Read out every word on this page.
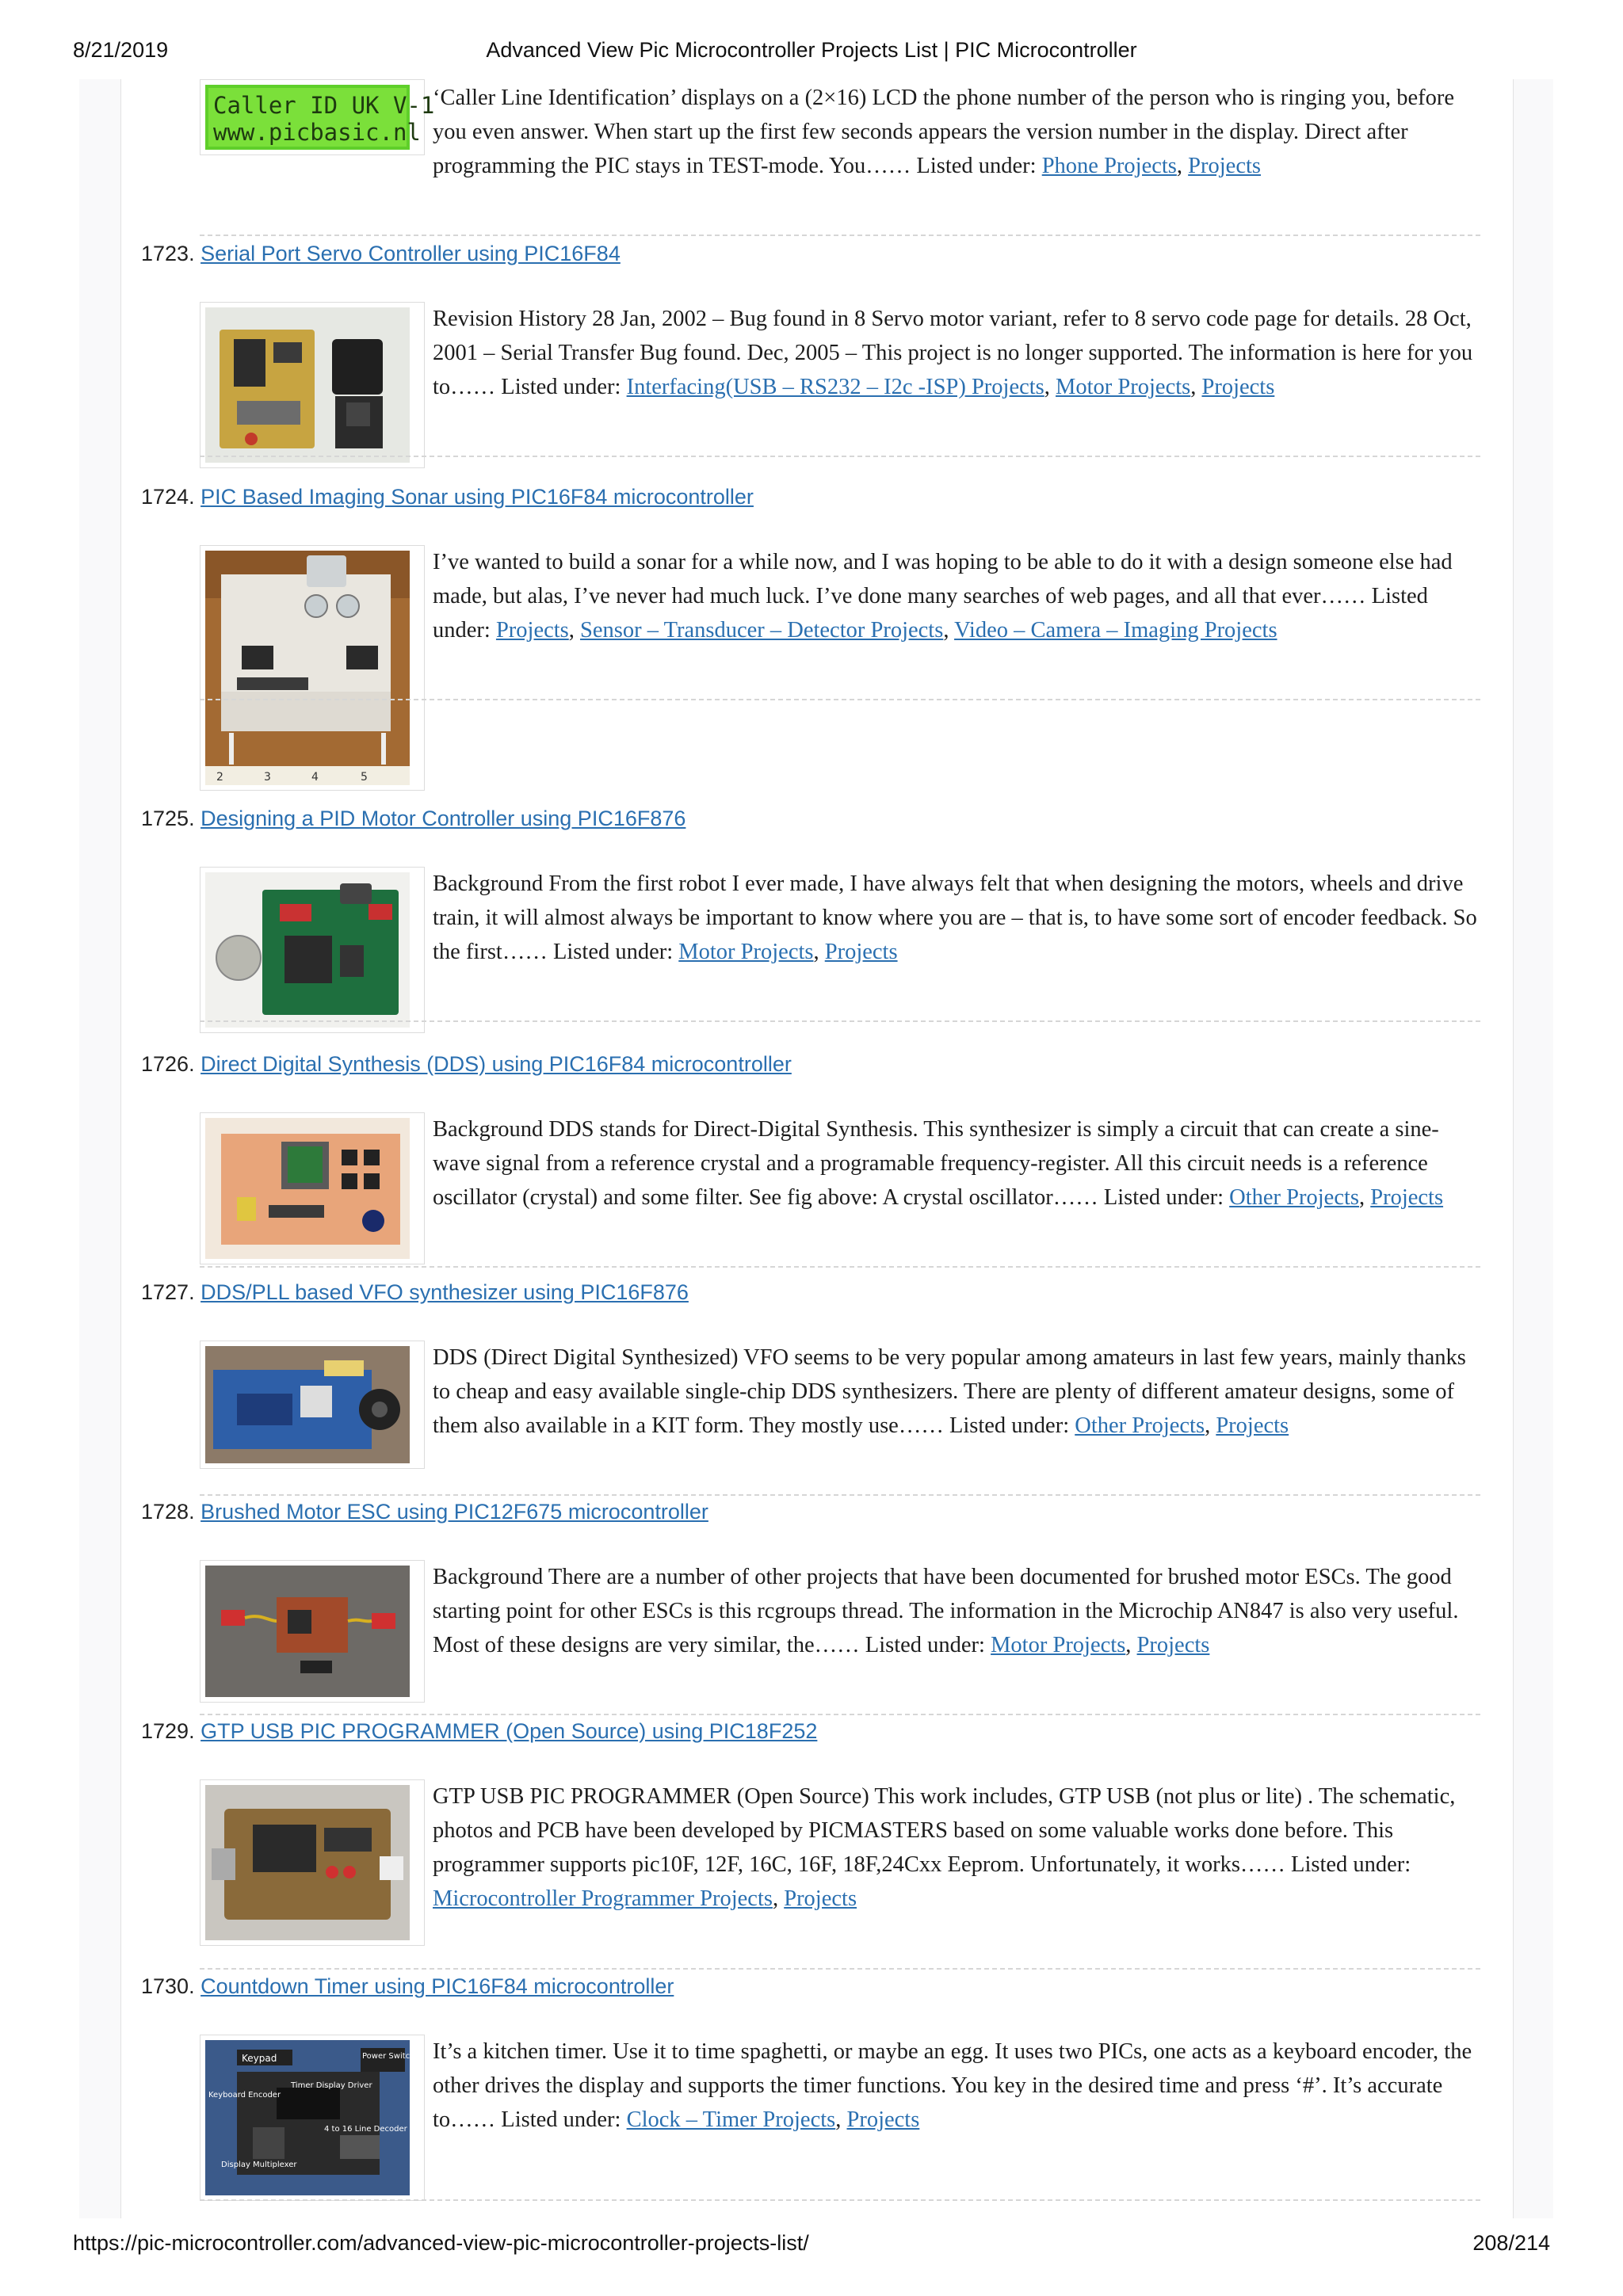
8/21/2019	Advanced View Pic Microcontroller Projects List | PIC Microcontroller
Caller ID UK V-1
www.picbasic.nl
‘Caller Line Identification’ displays on a (2×16) LCD the phone number of the person who is ringing you, before you even answer. When start up the first few seconds appears the version number in the display. Direct after programming the PIC stays in TEST-mode. You…… Listed under: Phone Projects, Projects
1723. Serial Port Servo Controller using PIC16F84
Revision History 28 Jan, 2002 – Bug found in 8 Servo motor variant, refer to 8 servo code page for details. 28 Oct, 2001 – Serial Transfer Bug found. Dec, 2005 – This project is no longer supported. The information is here for you to…… Listed under: Interfacing(USB – RS232 – I2c -ISP) Projects, Motor Projects, Projects
1724. PIC Based Imaging Sonar using PIC16F84 microcontroller
2	3	4	5
I’ve wanted to build a sonar for a while now, and I was hoping to be able to do it with a design someone else had made, but alas, I’ve never had much luck. I’ve done many searches of web pages, and all that ever…… Listed under: Projects, Sensor – Transducer – Detector Projects, Video – Camera – Imaging Projects
1725. Designing a PID Motor Controller using PIC16F876
Background From the first robot I ever made, I have always felt that when designing the motors, wheels and drive train, it will almost always be important to know where you are – that is, to have some sort of encoder feedback. So the first…… Listed under: Motor Projects, Projects
1726. Direct Digital Synthesis (DDS) using PIC16F84 microcontroller
Background DDS stands for Direct-Digital Synthesis. This synthesizer is simply a circuit that can create a sine-wave signal from a reference crystal and a programable frequency-register. All this circuit needs is a reference oscillator (crystal) and some filter. See fig above: A crystal oscillator…… Listed under: Other Projects, Projects
1727. DDS/PLL based VFO synthesizer using PIC16F876
DDS (Direct Digital Synthesized) VFO seems to be very popular among amateurs in last few years, mainly thanks to cheap and easy available single-chip DDS synthesizers. There are plenty of different amateur designs, some of them also available in a KIT form. They mostly use…… Listed under: Other Projects, Projects
1728. Brushed Motor ESC using PIC12F675 microcontroller
Background There are a number of other projects that have been documented for brushed motor ESCs. The good starting point for other ESCs is this rcgroups thread. The information in the Microchip AN847 is also very useful. Most of these designs are very similar, the…… Listed under: Motor Projects, Projects
1729. GTP USB PIC PROGRAMMER (Open Source) using PIC18F252
GTP USB PIC PROGRAMMER (Open Source) This work includes, GTP USB (not plus or lite) . The schematic, photos and PCB have been developed by PICMASTERS based on some valuable works done before. This programmer supports pic10F, 12F, 16C, 16F, 18F,24Cxx Eeprom. Unfortunately, it works…… Listed under: Microcontroller Programmer Projects, Projects
1730. Countdown Timer using PIC16F84 microcontroller
Keypad	Power Switch
Keyboard Encoder
Timer Display Driver
4 to 16 Line Decoder
Display Multiplexer
It’s a kitchen timer. Use it to time spaghetti, or maybe an egg. It uses two PICs, one acts as a keyboard encoder, the other drives the display and supports the timer functions. You key in the desired time and press ‘#’. It’s accurate to…… Listed under: Clock – Timer Projects, Projects
https://pic-microcontroller.com/advanced-view-pic-microcontroller-projects-list/	208/214
